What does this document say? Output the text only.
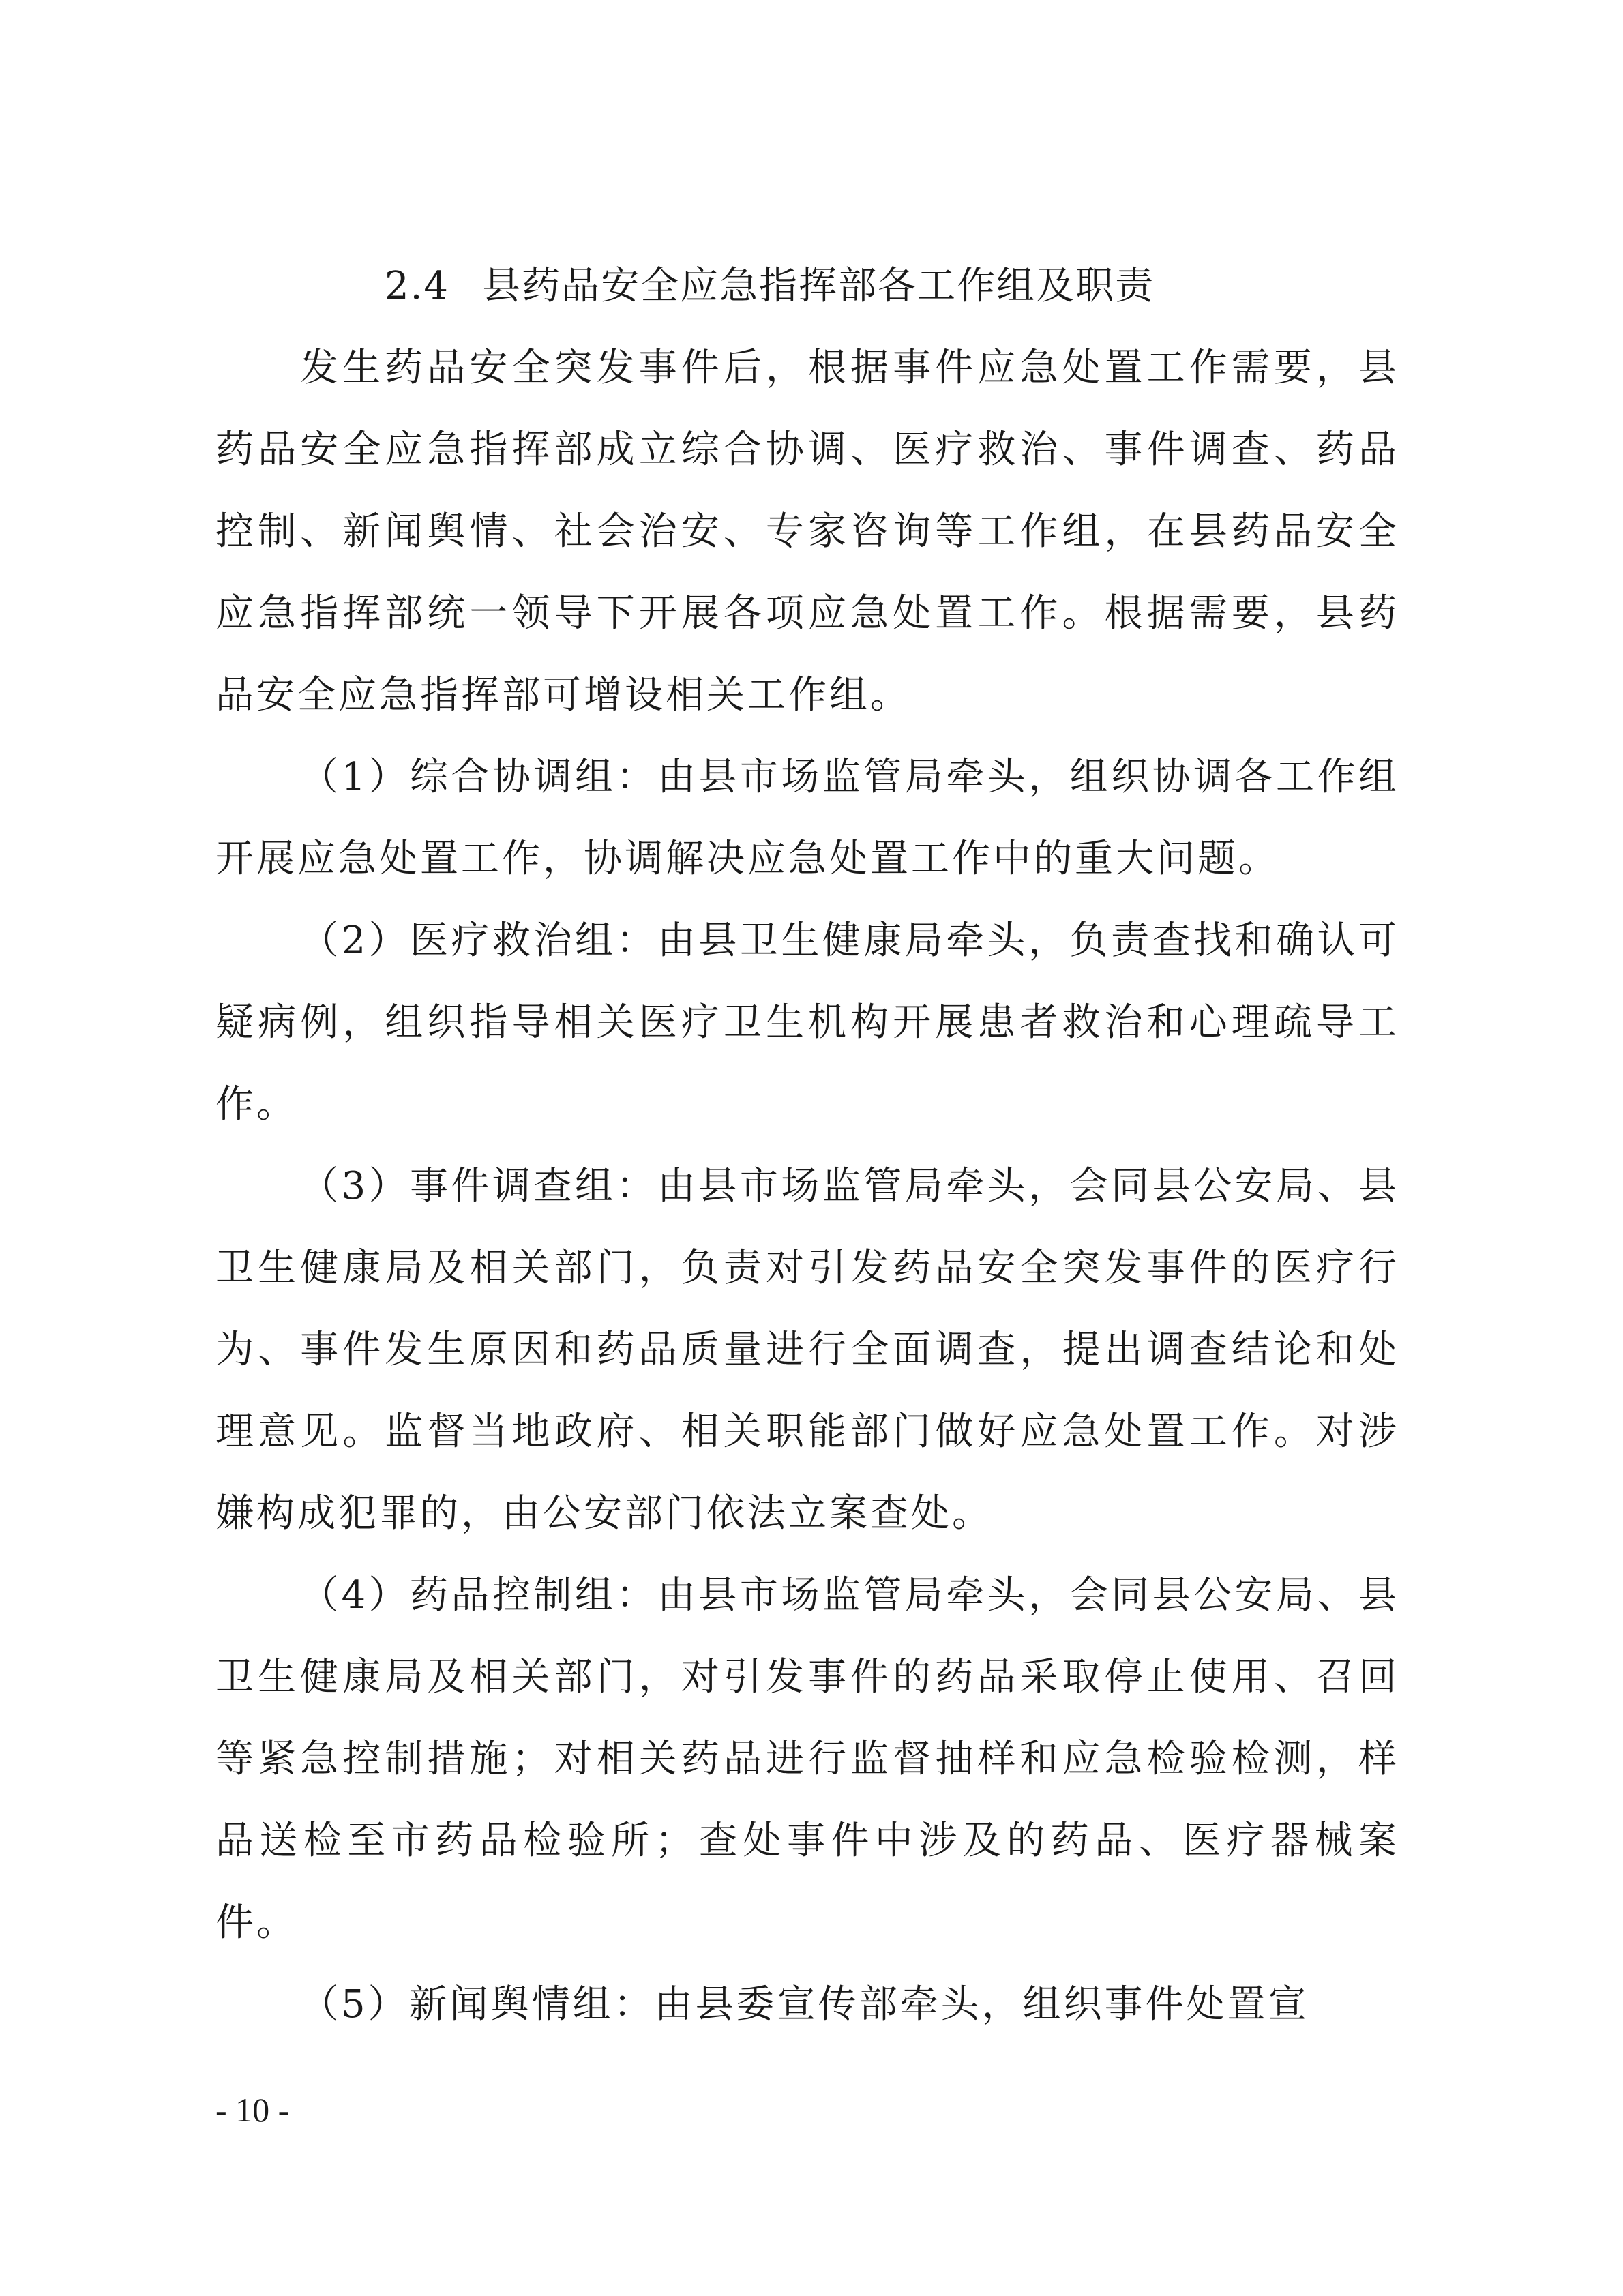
2.4 县药品安全应急指挥部各工作组及职责

发生药品安全突发事件后，根据事件应急处置工作需要，县药品安全应急指挥部成立综合协调、医疗救治、事件调查、药品控制、新闻舆情、社会治安、专家咨询等工作组，在县药品安全应急指挥部统一领导下开展各项应急处置工作。根据需要，县药品安全应急指挥部可增设相关工作组。

（1）综合协调组：由县市场监管局牵头，组织协调各工作组开展应急处置工作，协调解决应急处置工作中的重大问题。

（2）医疗救治组：由县卫生健康局牵头，负责查找和确认可疑病例，组织指导相关医疗卫生机构开展患者救治和心理疏导工作。

（3）事件调查组：由县市场监管局牵头，会同县公安局、县卫生健康局及相关部门，负责对引发药品安全突发事件的医疗行为、事件发生原因和药品质量进行全面调查，提出调查结论和处理意见。监督当地政府、相关职能部门做好应急处置工作。对涉嫌构成犯罪的，由公安部门依法立案查处。

（4）药品控制组：由县市场监管局牵头，会同县公安局、县卫生健康局及相关部门，对引发事件的药品采取停止使用、召回等紧急控制措施；对相关药品进行监督抽样和应急检验检测，样品送检至市药品检验所；查处事件中涉及的药品、医疗器械案件。

（5）新闻舆情组：由县委宣传部牵头，组织事件处置宣

- 10 -
